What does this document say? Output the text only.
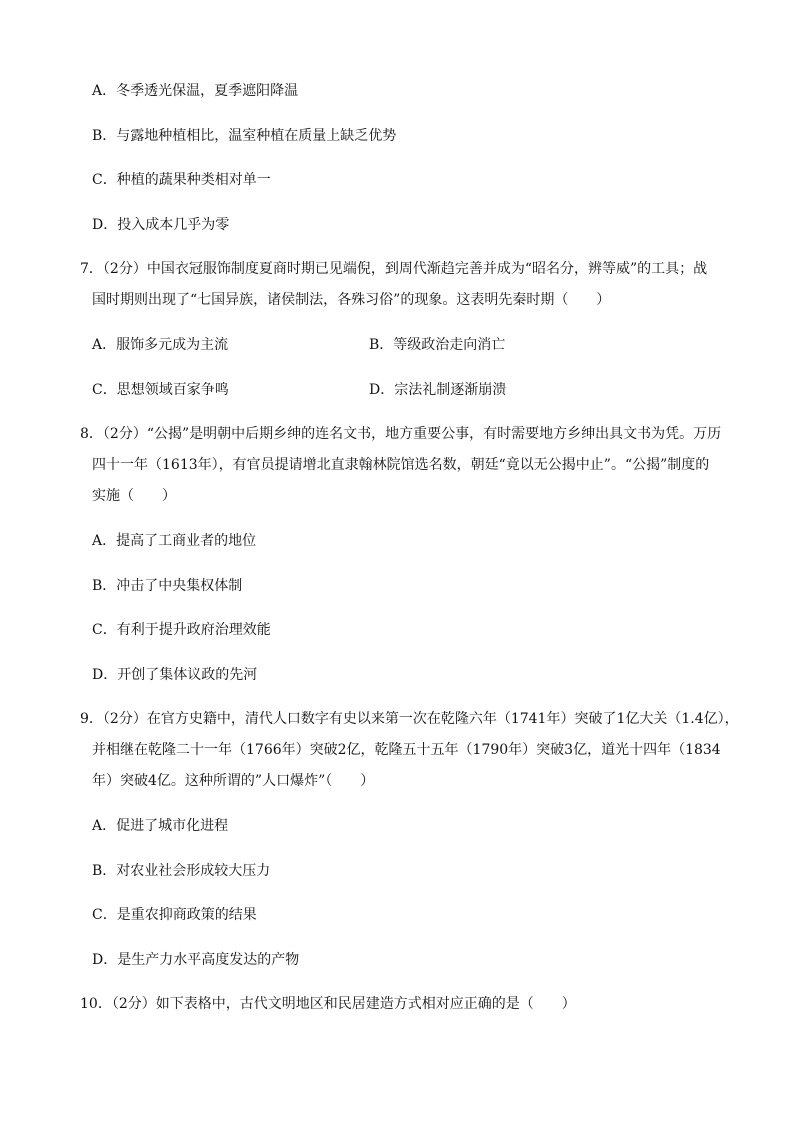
A．冬季透光保温，夏季遮阳降温
B．与露地种植相比，温室种植在质量上缺乏优势
C．种植的蔬果种类相对单一
D．投入成本几乎为零
7．（2分）中国衣冠服饰制度夏商时期已见端倪，到周代渐趋完善并成为“昭名分，辨等威”的工具；战
国时期则出现了“七国异族，诸侯制法，各殊习俗”的现象。这表明先秦时期（　　）
A．服饰多元成为主流	B．等级政治走向消亡
C．思想领域百家争鸣	D．宗法礼制逐渐崩溃
8．（2分）“公揭”是明朝中后期乡绅的连名文书，地方重要公事，有时需要地方乡绅出具文书为凭。万历
四十一年（1613年），有官员提请增北直隶翰林院馆选名数，朝廷“竟以无公揭中止”。“公揭”制度的
实施（　　）
A．提高了工商业者的地位
B．冲击了中央集权体制
C．有利于提升政府治理效能
D．开创了集体议政的先河
9．（2分）在官方史籍中，清代人口数字有史以来第一次在乾隆六年（1741年）突破了1亿大关（1.4亿），
并相继在乾隆二十一年（1766年）突破2亿，乾隆五十五年（1790年）突破3亿，道光十四年（1834
年）突破4亿。这种所谓的”人口爆炸”（　　）
A．促进了城市化进程
B．对农业社会形成较大压力
C．是重农抑商政策的结果
D．是生产力水平高度发达的产物
10．（2分）如下表格中，古代文明地区和民居建造方式相对应正确的是（　　）
